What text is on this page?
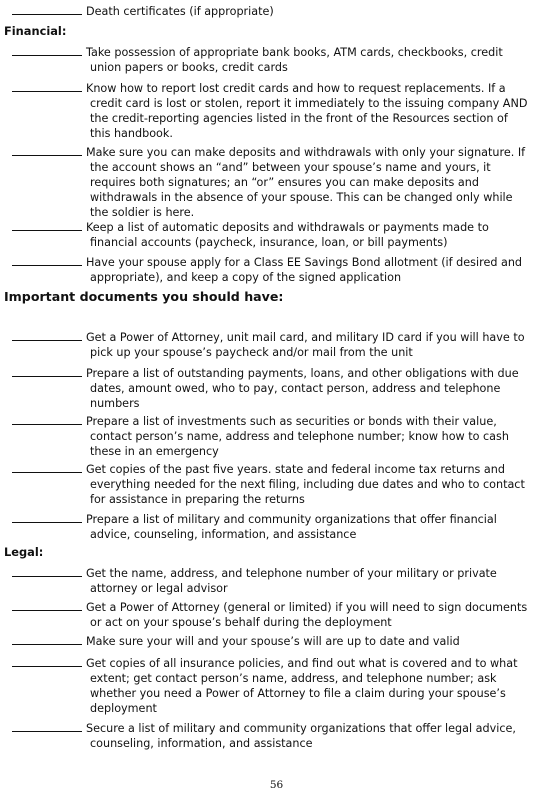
Death certificates (if appropriate)
Financial:
Take possession of appropriate bank books, ATM cards, checkbooks, credit
union papers or books, credit cards
Know how to report lost credit cards and how to request replacements. If a
credit card is lost or stolen, report it immediately to the issuing company AND
the credit-reporting agencies listed in the front of the Resources section of
this handbook.
Make sure you can make deposits and withdrawals with only your signature. If
the account shows an “and” between your spouse’s name and yours, it
requires both signatures; an “or” ensures you can make deposits and
withdrawals in the absence of your spouse. This can be changed only while
the soldier is here.
Keep a list of automatic deposits and withdrawals or payments made to
financial accounts (paycheck, insurance, loan, or bill payments)
Have your spouse apply for a Class EE Savings Bond allotment (if desired and
appropriate), and keep a copy of the signed application
Important documents you should have:
Get a Power of Attorney, unit mail card, and military ID card if you will have to
pick up your spouse’s paycheck and/or mail from the unit
Prepare a list of outstanding payments, loans, and other obligations with due
dates, amount owed, who to pay, contact person, address and telephone
numbers
Prepare a list of investments such as securities or bonds with their value,
contact person’s name, address and telephone number; know how to cash
these in an emergency
Get copies of the past five years. state and federal income tax returns and
everything needed for the next filing, including due dates and who to contact
for assistance in preparing the returns
Prepare a list of military and community organizations that offer financial
advice, counseling, information, and assistance
Legal:
Get the name, address, and telephone number of your military or private
attorney or legal advisor
Get a Power of Attorney (general or limited) if you will need to sign documents
or act on your spouse’s behalf during the deployment
Make sure your will and your spouse’s will are up to date and valid
Get copies of all insurance policies, and find out what is covered and to what
extent; get contact person’s name, address, and telephone number; ask
whether you need a Power of Attorney to file a claim during your spouse’s
deployment
Secure a list of military and community organizations that offer legal advice,
counseling, information, and assistance
56
